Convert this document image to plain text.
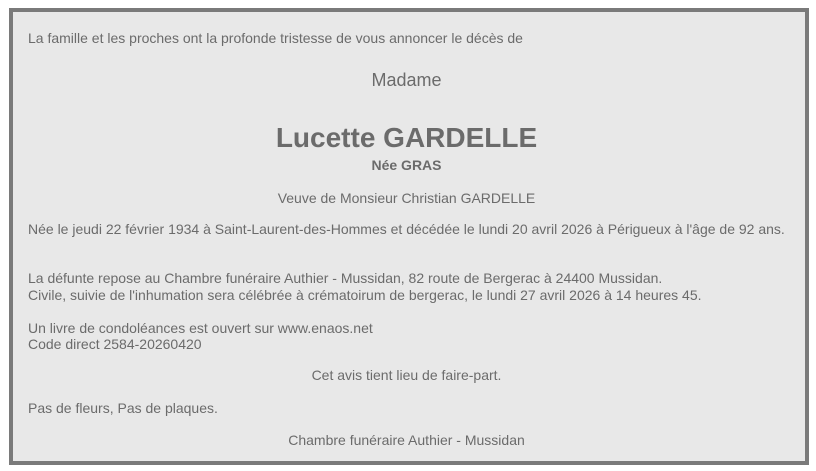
La famille et les proches ont la profonde tristesse de vous annoncer le décès de
Madame
Lucette GARDELLE
Née GRAS
Veuve de Monsieur Christian GARDELLE
Née le jeudi 22 février 1934 à Saint-Laurent-des-Hommes et décédée le lundi 20 avril 2026 à Périgueux à l'âge de 92 ans.
La défunte repose au Chambre funéraire Authier - Mussidan, 82 route de Bergerac à 24400 Mussidan.
Civile, suivie de l'inhumation sera célébrée à crématoirum de bergerac, le lundi 27 avril 2026 à 14 heures 45.
Un livre de condoléances est ouvert sur www.enaos.net
Code direct 2584-20260420
Cet avis tient lieu de faire-part.
Pas de fleurs, Pas de plaques.
Chambre funéraire Authier - Mussidan
